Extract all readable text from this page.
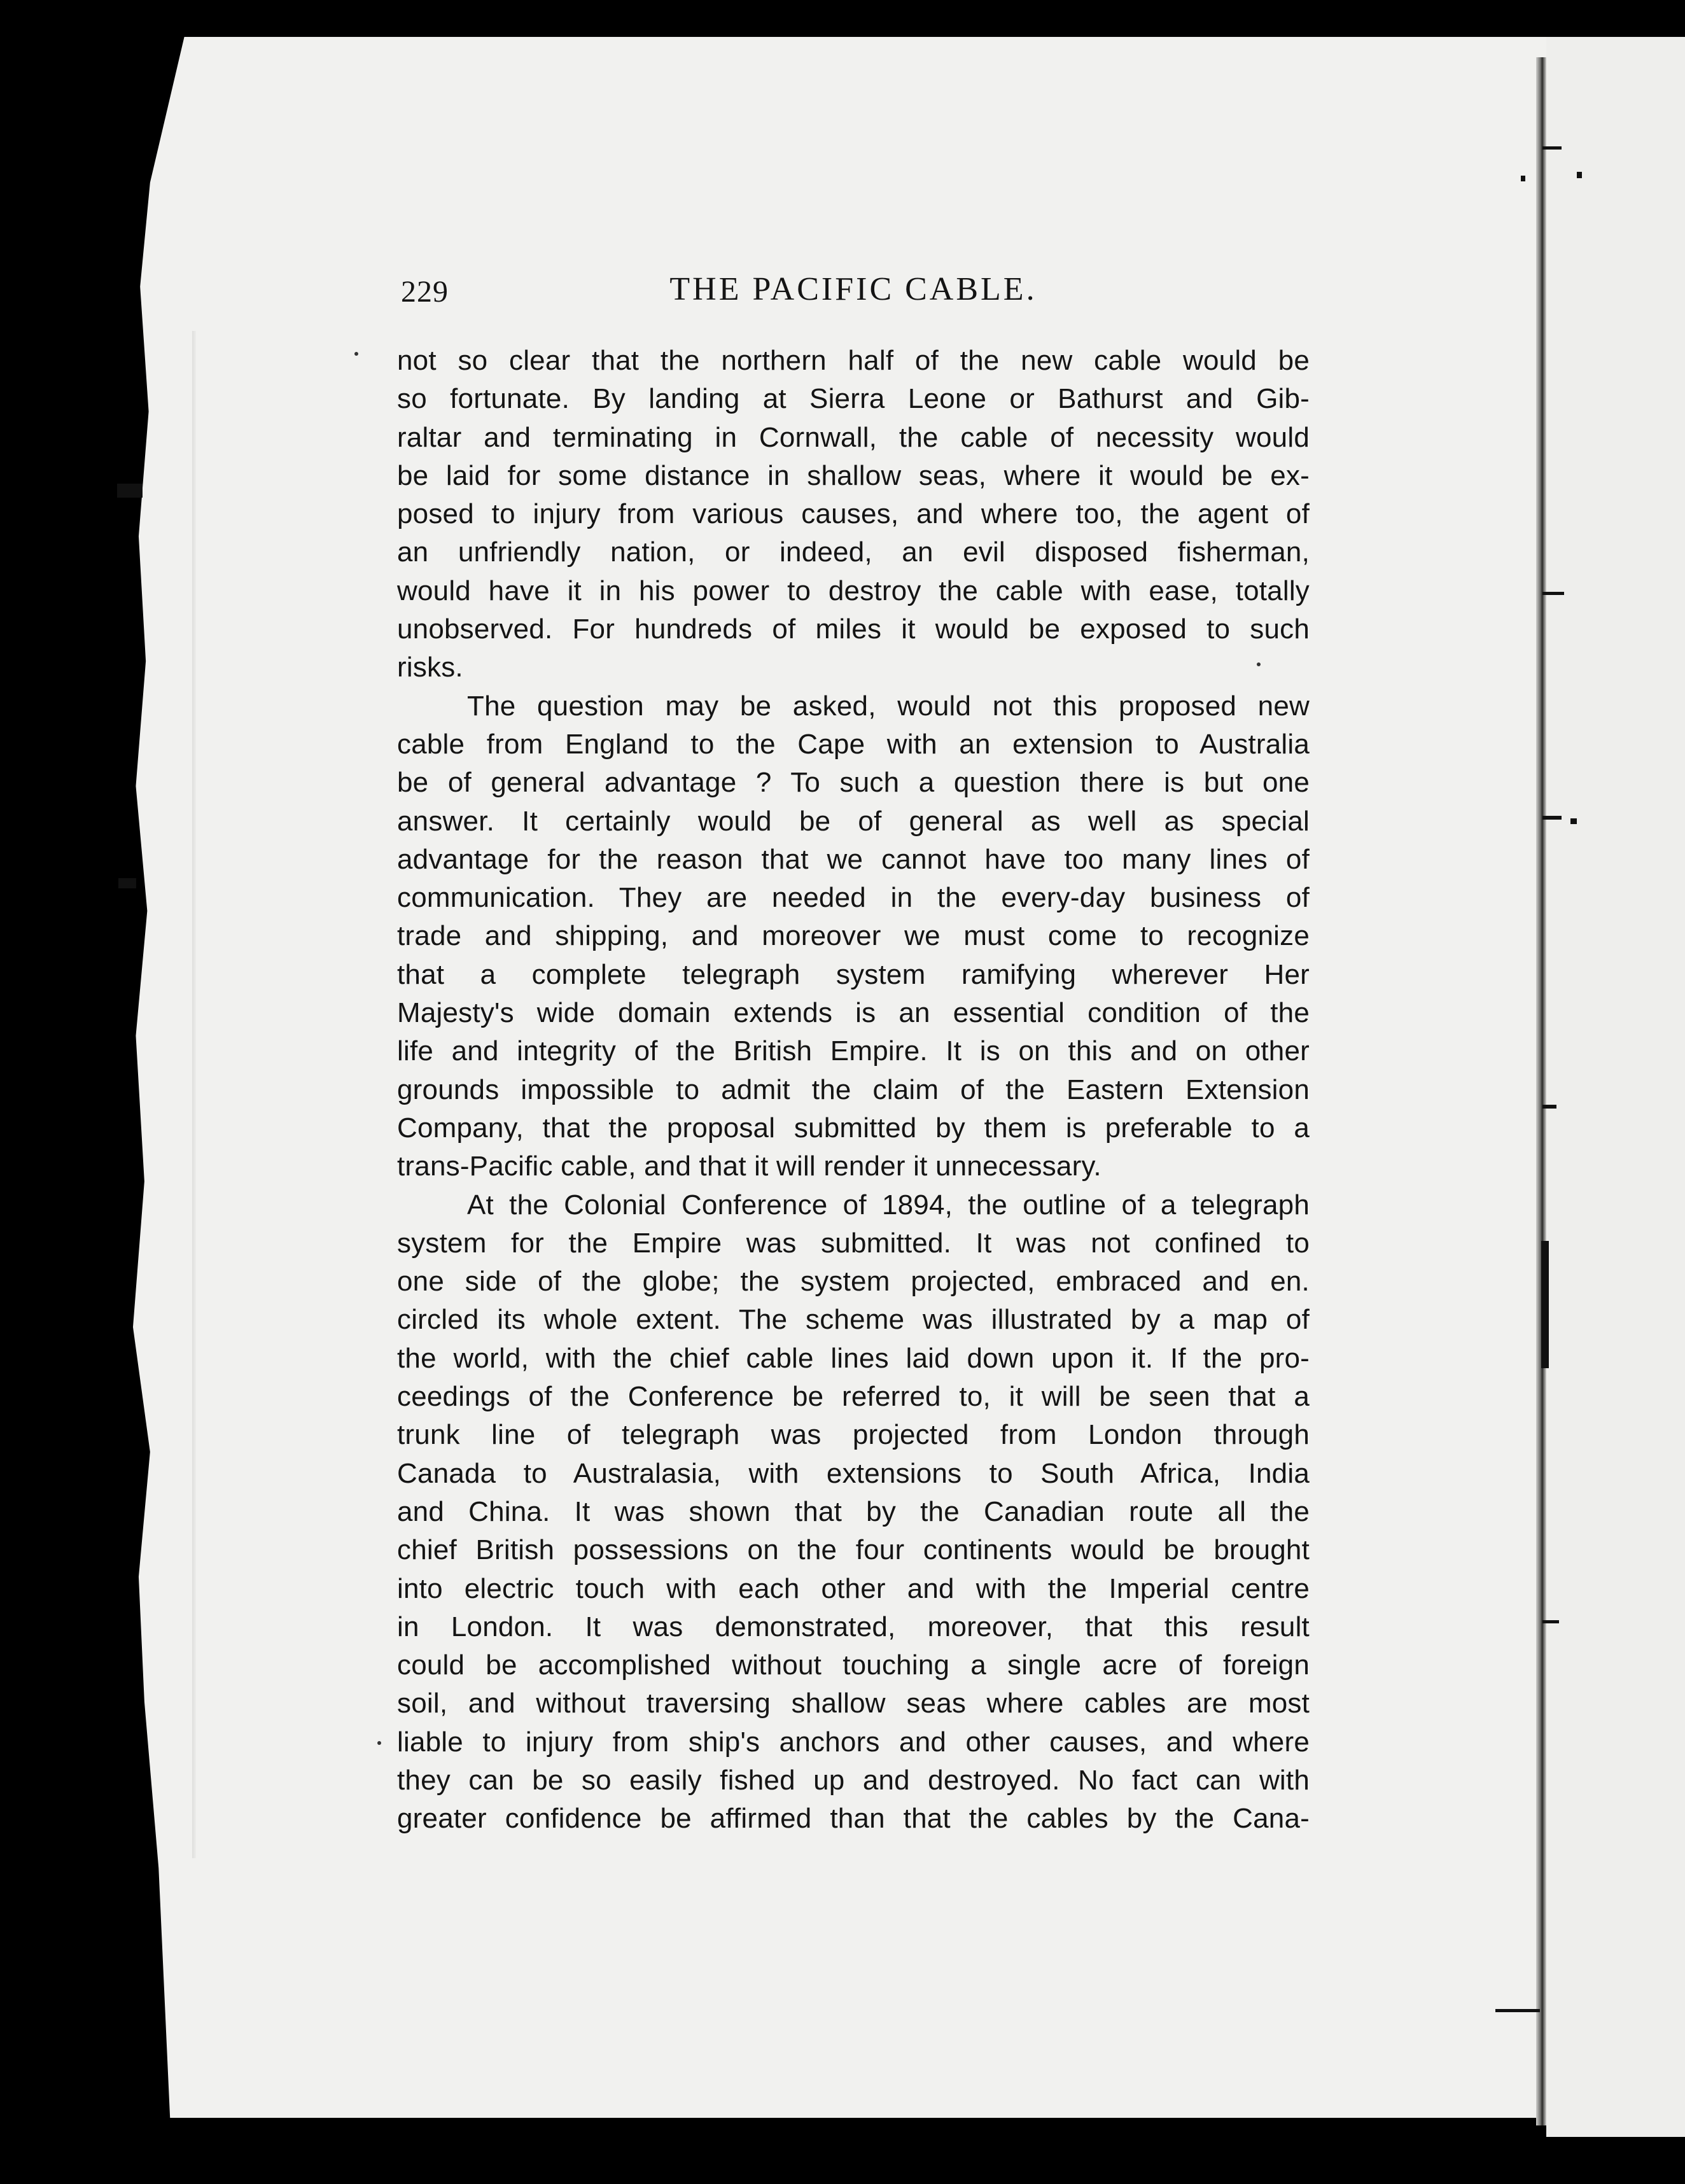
229	THE PACIFIC CABLE.

not so clear that the northern half of the new cable would be

so fortunate. By landing at Sierra Leone or Bathurst and Gib-

raltar and terminating in Cornwall, the cable of necessity would

be laid for some distance in shallow seas, where it would be ex-

posed to injury from various causes, and where too, the agent of

an unfriendly nation, or indeed, an evil disposed fisherman,

would have it in his power to destroy the cable with ease, totally

unobserved. For hundreds of miles it would be exposed to such

risks.

The question may be asked, would not this proposed new

cable from England to the Cape with an extension to Australia

be of general advantage ? To such a question there is but one

answer. It certainly would be of general as well as special

advantage for the reason that we cannot have too many lines of

communication. They are needed in the every-day business of

trade and shipping, and moreover we must come to recognize

that a complete telegraph system ramifying wherever Her

Majesty's wide domain extends is an essential condition of the

life and integrity of the British Empire. It is on this and on other

grounds impossible to admit the claim of the Eastern Extension

Company, that the proposal submitted by them is preferable to a

trans-Pacific cable, and that it will render it unnecessary.

At the Colonial Conference of 1894, the outline of a telegraph

system for the Empire was submitted. It was not confined to

one side of the globe; the system projected, embraced and en.

circled its whole extent. The scheme was illustrated by a map of

the world, with the chief cable lines laid down upon it. If the pro-

ceedings of the Conference be referred to, it will be seen that a

trunk line of telegraph was projected from London through

Canada to Australasia, with extensions to South Africa, India

and China. It was shown that by the Canadian route all the

chief British possessions on the four continents would be brought

into electric touch with each other and with the Imperial centre

in London. It was demonstrated, moreover, that this result

could be accomplished without touching a single acre of foreign

soil, and without traversing shallow seas where cables are most

liable to injury from ship's anchors and other causes, and where

they can be so easily fished up and destroyed. No fact can with

greater confidence be affirmed than that the cables by the Cana-
